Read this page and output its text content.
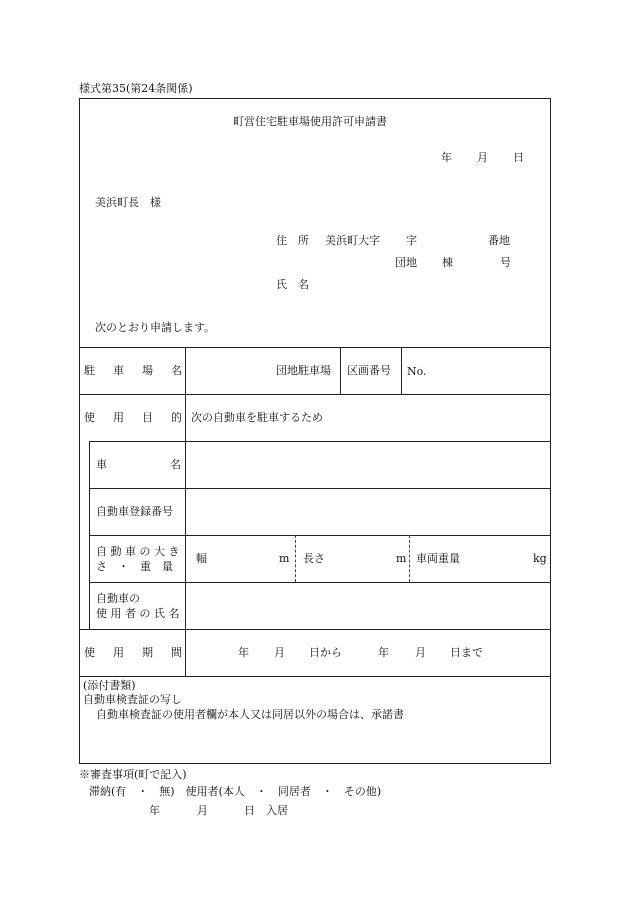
様式第35(第24条関係)
町営住宅駐車場使用許可申請書
年 月 日
美浜町長　様
住　所 美浜町大字 字	番地
団地 棟	号
氏　名
次のとおり申請します。
駐 車 場 名	団地駐車場 区画番号 No.
使 用 目 的 次の自動車を駐車するため
車	名
自動車登録番号
自 動 車 の 大 き
さ　・　重　量
幅	m 長さ	m 車両重量	kg
自動車の
使 用 者 の 氏 名
使 用 期 間	年 月 日から	年 月 日まで
(添付書類)
自動車検査証の写し
自動車検査証の使用者欄が本人又は同居以外の場合は、承諾書
※審査事項(町で記入)
滞納(有　・　無)　使用者(本人　・　同居者　・　その他)
年	月	日　入居
